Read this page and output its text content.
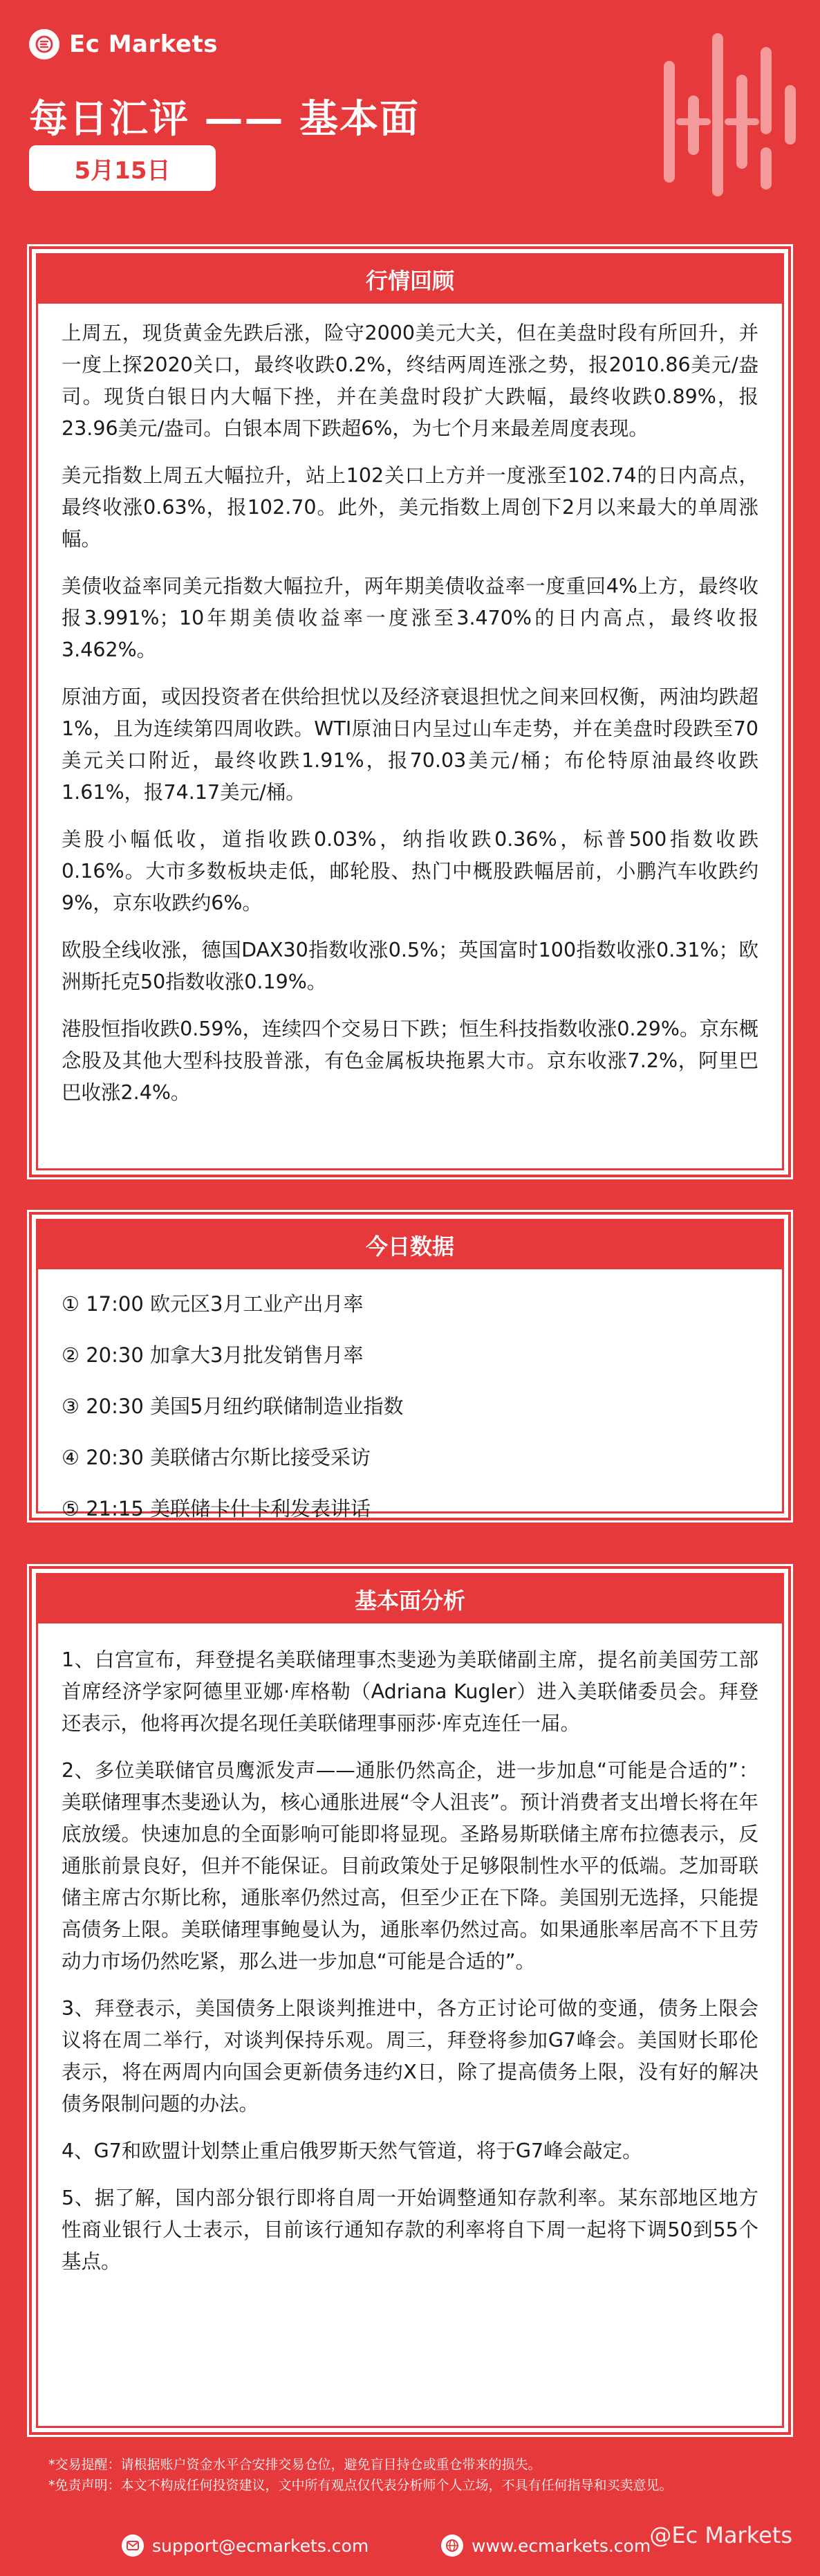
Ec Markets
每日汇评 —— 基本面
5月15日
行情回顾

上周五，现货黄金先跌后涨，险守2000美元大关，但在美盘时段有所回升，并一度上探2020关口，最终收跌0.2%，终结两周连涨之势，报2010.86美元/盎司。现货白银日内大幅下挫，并在美盘时段扩大跌幅，最终收跌0.89%，报23.96美元/盎司。白银本周下跌超6%，为七个月来最差周度表现。

美元指数上周五大幅拉升，站上102关口上方并一度涨至102.74的日内高点，最终收涨0.63%，报102.70。此外，美元指数上周创下2月以来最大的单周涨幅。

美债收益率同美元指数大幅拉升，两年期美债收益率一度重回4%上方，最终收报3.991%；10年期美债收益率一度涨至3.470%的日内高点，最终收报3.462%。

原油方面，或因投资者在供给担忧以及经济衰退担忧之间来回权衡，两油均跌超1%，且为连续第四周收跌。WTI原油日内呈过山车走势，并在美盘时段跌至70美元关口附近，最终收跌1.91%，报70.03美元/桶；布伦特原油最终收跌1.61%，报74.17美元/桶。

美股小幅低收，道指收跌0.03%，纳指收跌0.36%，标普500指数收跌0.16%。大市多数板块走低，邮轮股、热门中概股跌幅居前，小鹏汽车收跌约9%，京东收跌约6%。

欧股全线收涨，德国DAX30指数收涨0.5%；英国富时100指数收涨0.31%；欧洲斯托克50指数收涨0.19%。

港股恒指收跌0.59%，连续四个交易日下跌；恒生科技指数收涨0.29%。京东概念股及其他大型科技股普涨，有色金属板块拖累大市。京东收涨7.2%，阿里巴巴收涨2.4%。

今日数据
① 17:00 欧元区3月工业产出月率
② 20:30 加拿大3月批发销售月率
③ 20:30 美国5月纽约联储制造业指数
④ 20:30 美联储古尔斯比接受采访
⑤ 21:15 美联储卡什卡利发表讲话
基本面分析

1、白宫宣布，拜登提名美联储理事杰斐逊为美联储副主席，提名前美国劳工部首席经济学家阿德里亚娜·库格勒（Adriana Kugler）进入美联储委员会。拜登还表示，他将再次提名现任美联储理事丽莎·库克连任一届。

2、多位美联储官员鹰派发声——通胀仍然高企，进一步加息“可能是合适的”：美联储理事杰斐逊认为，核心通胀进展“令人沮丧”。预计消费者支出增长将在年底放缓。快速加息的全面影响可能即将显现。圣路易斯联储主席布拉德表示，反通胀前景良好，但并不能保证。目前政策处于足够限制性水平的低端。芝加哥联储主席古尔斯比称，通胀率仍然过高，但至少正在下降。美国别无选择，只能提高债务上限。美联储理事鲍曼认为，通胀率仍然过高。如果通胀率居高不下且劳动力市场仍然吃紧，那么进一步加息“可能是合适的”。

3、拜登表示，美国债务上限谈判推进中，各方正讨论可做的变通，债务上限会议将在周二举行，对谈判保持乐观。周三，拜登将参加G7峰会。美国财长耶伦表示，将在两周内向国会更新债务违约X日，除了提高债务上限，没有好的解决债务限制问题的办法。

4、G7和欧盟计划禁止重启俄罗斯天然气管道，将于G7峰会敲定。

5、据了解，国内部分银行即将自周一开始调整通知存款利率。某东部地区地方性商业银行人士表示，目前该行通知存款的利率将自下周一起将下调50到55个基点。

*交易提醒：请根据账户资金水平合安排交易仓位，避免盲目持仓或重仓带来的损失。
*免责声明：本文不构成任何投资建议，文中所有观点仅代表分析师个人立场，不具有任何指导和买卖意见。
support@ecmarkets.com	www.ecmarkets.com
@Ec Markets
